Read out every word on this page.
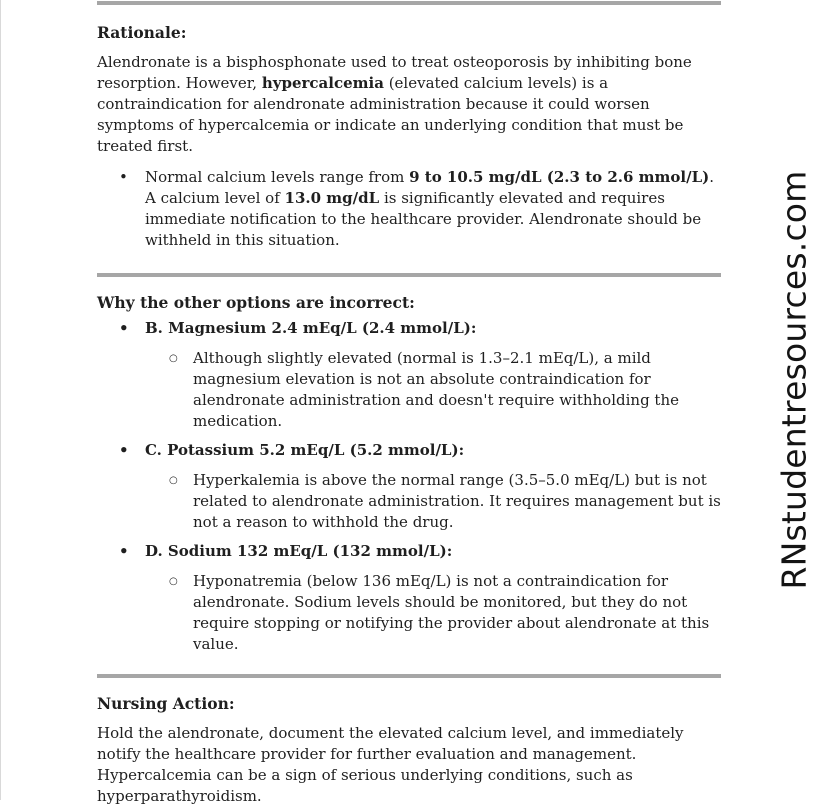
Rationale:

Alendronate is a bisphosphonate used to treat osteoporosis by inhibiting bone resorption. However, hypercalcemia (elevated calcium levels) is a contraindication for alendronate administration because it could worsen symptoms of hypercalcemia or indicate an underlying condition that must be treated first.

• Normal calcium levels range from 9 to 10.5 mg/dL (2.3 to 2.6 mmol/L). A calcium level of 13.0 mg/dL is significantly elevated and requires immediate notification to the healthcare provider. Alendronate should be withheld in this situation.
Why the other options are incorrect:
• B. Magnesium 2.4 mEq/L (2.4 mmol/L):
○ Although slightly elevated (normal is 1.3–2.1 mEq/L), a mild magnesium elevation is not an absolute contraindication for alendronate administration and doesn't require withholding the medication.
• C. Potassium 5.2 mEq/L (5.2 mmol/L):
○ Hyperkalemia is above the normal range (3.5–5.0 mEq/L) but is not related to alendronate administration. It requires management but is not a reason to withhold the drug.
• D. Sodium 132 mEq/L (132 mmol/L):
○ Hyponatremia (below 136 mEq/L) is not a contraindication for alendronate. Sodium levels should be monitored, but they do not require stopping or notifying the provider about alendronate at this value.
Nursing Action:

Hold the alendronate, document the elevated calcium level, and immediately notify the healthcare provider for further evaluation and management. Hypercalcemia can be a sign of serious underlying conditions, such as hyperparathyroidism.

RNstudentresources.com
